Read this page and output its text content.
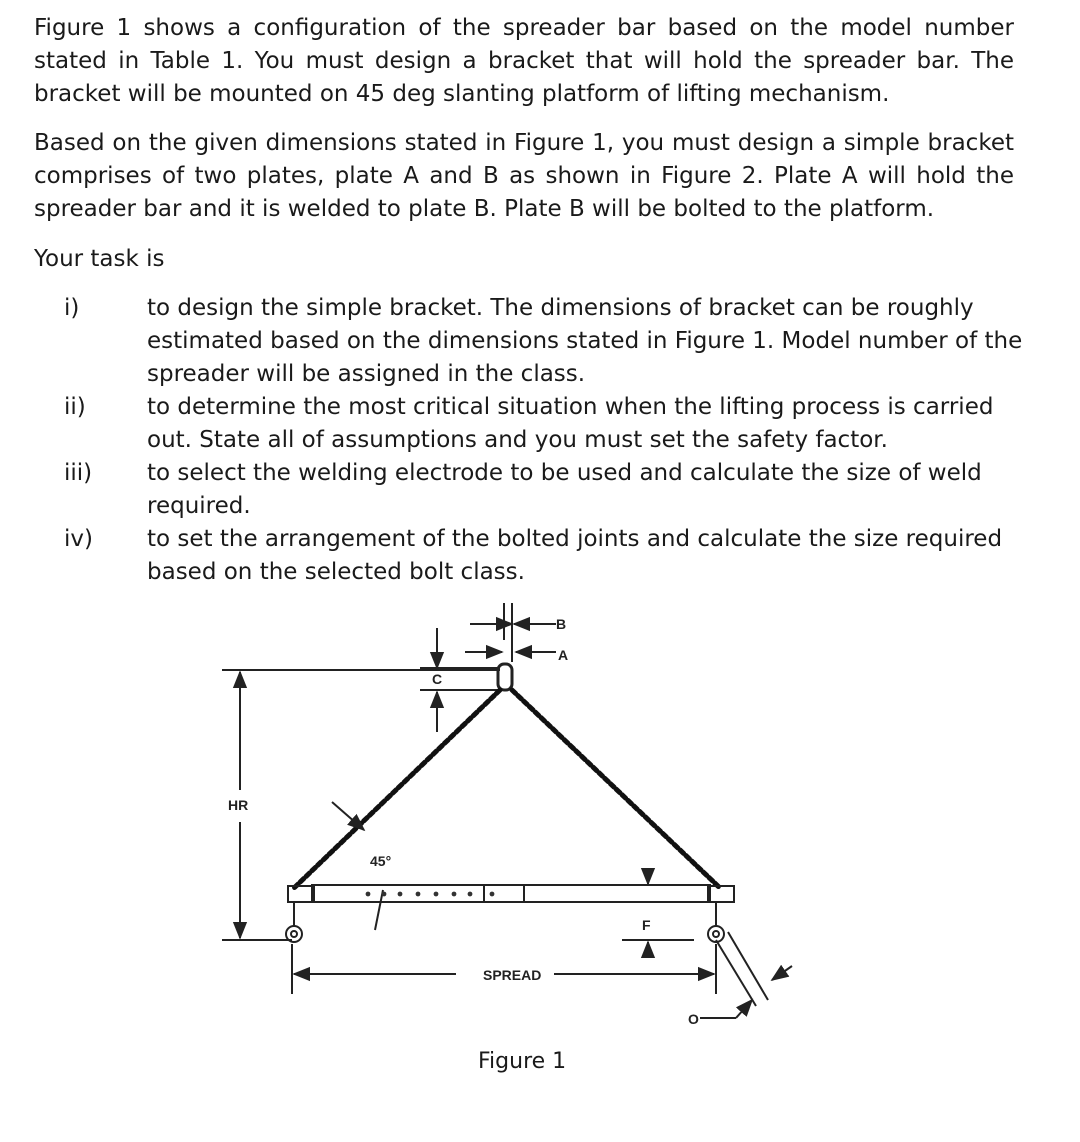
Figure 1 shows a configuration of the spreader bar based on the model number stated in Table 1. You must design a bracket that will hold the spreader bar. The bracket will be mounted on 45 deg slanting platform of lifting mechanism.

Based on the given dimensions stated in Figure 1, you must design a simple bracket comprises of two plates, plate A and B as shown in Figure 2. Plate A will hold the spreader bar and it is welded to plate B. Plate B will be bolted to the platform.

Your task is

i)	to design the simple bracket. The dimensions of bracket can be roughly estimated based on the dimensions stated in Figure 1. Model number of the spreader will be assigned in the class.
ii)	to determine the most critical situation when the lifting process is carried out. State all of assumptions and you must set the safety factor.
iii)	to select the welding electrode to be used and calculate the size of weld required.
iv)	to set the arrangement of the bolted joints and calculate the size required based on the selected bolt class.
B
A
C
HR
45°
F
SPREAD
O
Figure 1
